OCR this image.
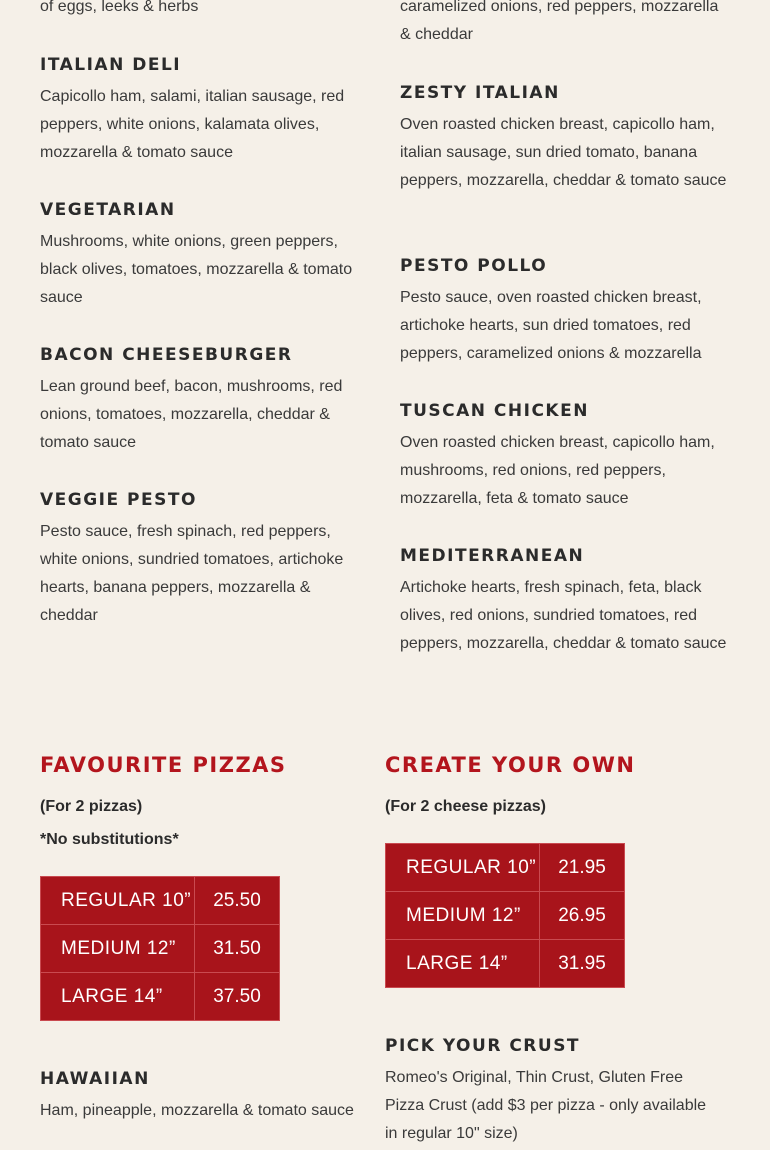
of eggs, leeks & herbs	caramelized onions, red peppers, mozzarella & cheddar

ITALIAN DELI

Capicollo ham, salami, italian sausage, red peppers, white onions, kalamata olives, mozzarella & tomato sauce

VEGETARIAN

Mushrooms, white onions, green peppers, black olives, tomatoes, mozzarella & tomato sauce

BACON CHEESEBURGER

Lean ground beef, bacon, mushrooms, red onions, tomatoes, mozzarella, cheddar & tomato sauce

VEGGIE PESTO

Pesto sauce, fresh spinach, red peppers, white onions, sundried tomatoes, artichoke hearts, banana peppers, mozzarella & cheddar

ZESTY ITALIAN

Oven roasted chicken breast, capicollo ham, italian sausage, sun dried tomato, banana peppers, mozzarella, cheddar & tomato sauce

PESTO POLLO

Pesto sauce, oven roasted chicken breast, artichoke hearts, sun dried tomatoes, red peppers, caramelized onions & mozzarella

TUSCAN CHICKEN

Oven roasted chicken breast, capicollo ham, mushrooms, red onions, red peppers, mozzarella, feta & tomato sauce

MEDITERRANEAN

Artichoke hearts, fresh spinach, feta, black olives, red onions, sundried tomatoes, red peppers, mozzarella, cheddar & tomato sauce

FAVOURITE PIZZAS

(For 2 pizzas)

*No substitutions*

REGULAR 10”	25.50
MEDIUM 12”	31.50
LARGE 14”	37.50
CREATE YOUR OWN

(For 2 cheese pizzas)

REGULAR 10”	21.95
MEDIUM 12”	26.95
LARGE 14”	31.95
HAWAIIAN

Ham, pineapple, mozzarella & tomato sauce

PICK YOUR CRUST

Romeo's Original, Thin Crust, Gluten Free Pizza Crust (add $3 per pizza - only available in regular 10" size)
